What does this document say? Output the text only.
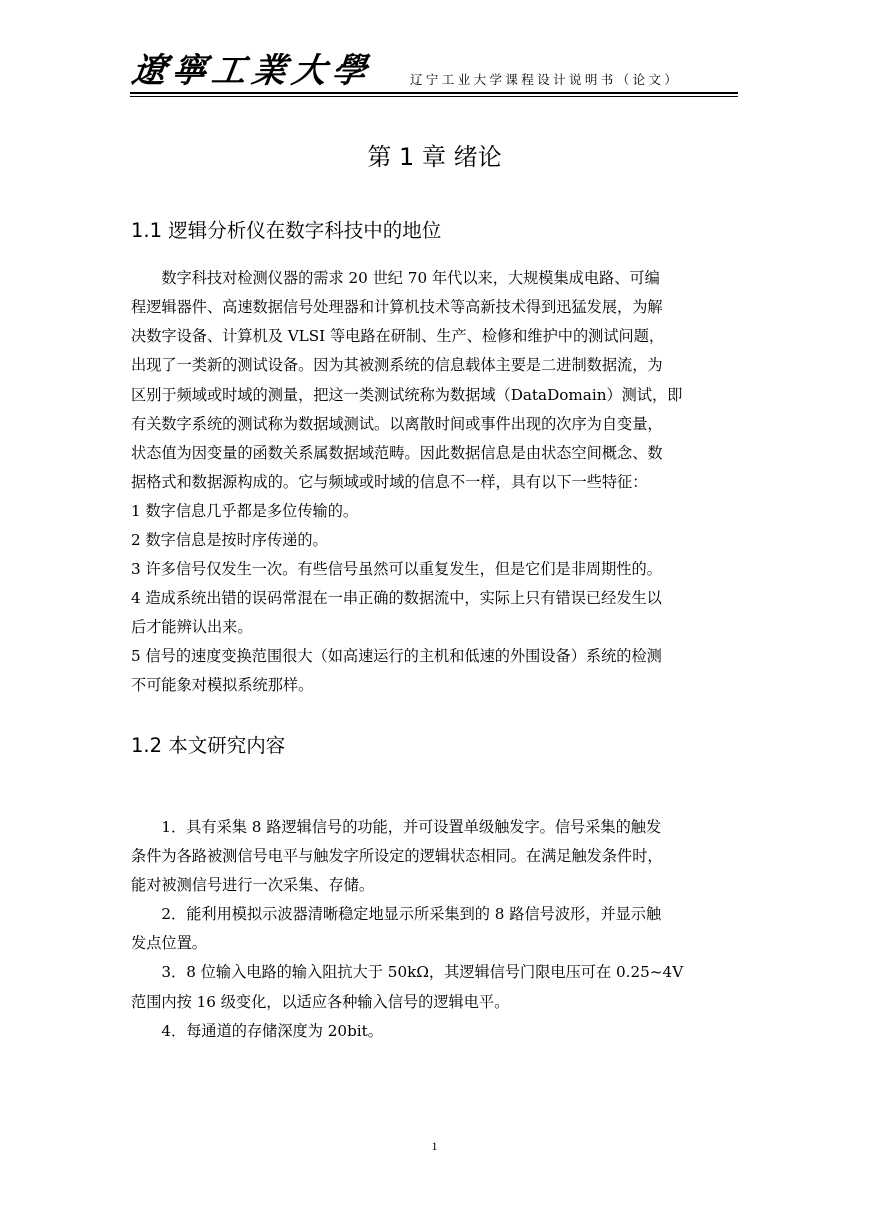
遼寧工業大學	辽宁工业大学课程设计说明书（论文）
第 1 章 绪论
1.1 逻辑分析仪在数字科技中的地位
　　数字科技对检测仪器的需求 20 世纪 70 年代以来，大规模集成电路、可编
程逻辑器件、高速数据信号处理器和计算机技术等高新技术得到迅猛发展，为解
决数字设备、计算机及 VLSI 等电路在研制、生产、检修和维护中的测试问题，
出现了一类新的测试设备。因为其被测系统的信息载体主要是二进制数据流，为
区别于频域或时域的测量，把这一类测试统称为数据域（DataDomain）测试，即
有关数字系统的测试称为数据域测试。以离散时间或事件出现的次序为自变量，
状态值为因变量的函数关系属数据域范畴。因此数据信息是由状态空间概念、数
据格式和数据源构成的。它与频域或时域的信息不一样，具有以下一些特征：
1 数字信息几乎都是多位传输的。
2 数字信息是按时序传递的。
3 许多信号仅发生一次。有些信号虽然可以重复发生，但是它们是非周期性的。
4 造成系统出错的误码常混在一串正确的数据流中，实际上只有错误已经发生以
后才能辨认出来。
5 信号的速度变换范围很大（如高速运行的主机和低速的外围设备）系统的检测
不可能象对模拟系统那样。
1.2 本文研究内容
　　1．具有采集 8 路逻辑信号的功能，并可设置单级触发字。信号采集的触发
条件为各路被测信号电平与触发字所设定的逻辑状态相同。在满足触发条件时，
能对被测信号进行一次采集、存储。
　　2．能利用模拟示波器清晰稳定地显示所采集到的 8 路信号波形，并显示触
发点位置。
　　3．8 位输入电路的输入阻抗大于 50kΩ，其逻辑信号门限电压可在 0.25~4V
范围内按 16 级变化，以适应各种输入信号的逻辑电平。
　　4．每通道的存储深度为 20bit。
1
